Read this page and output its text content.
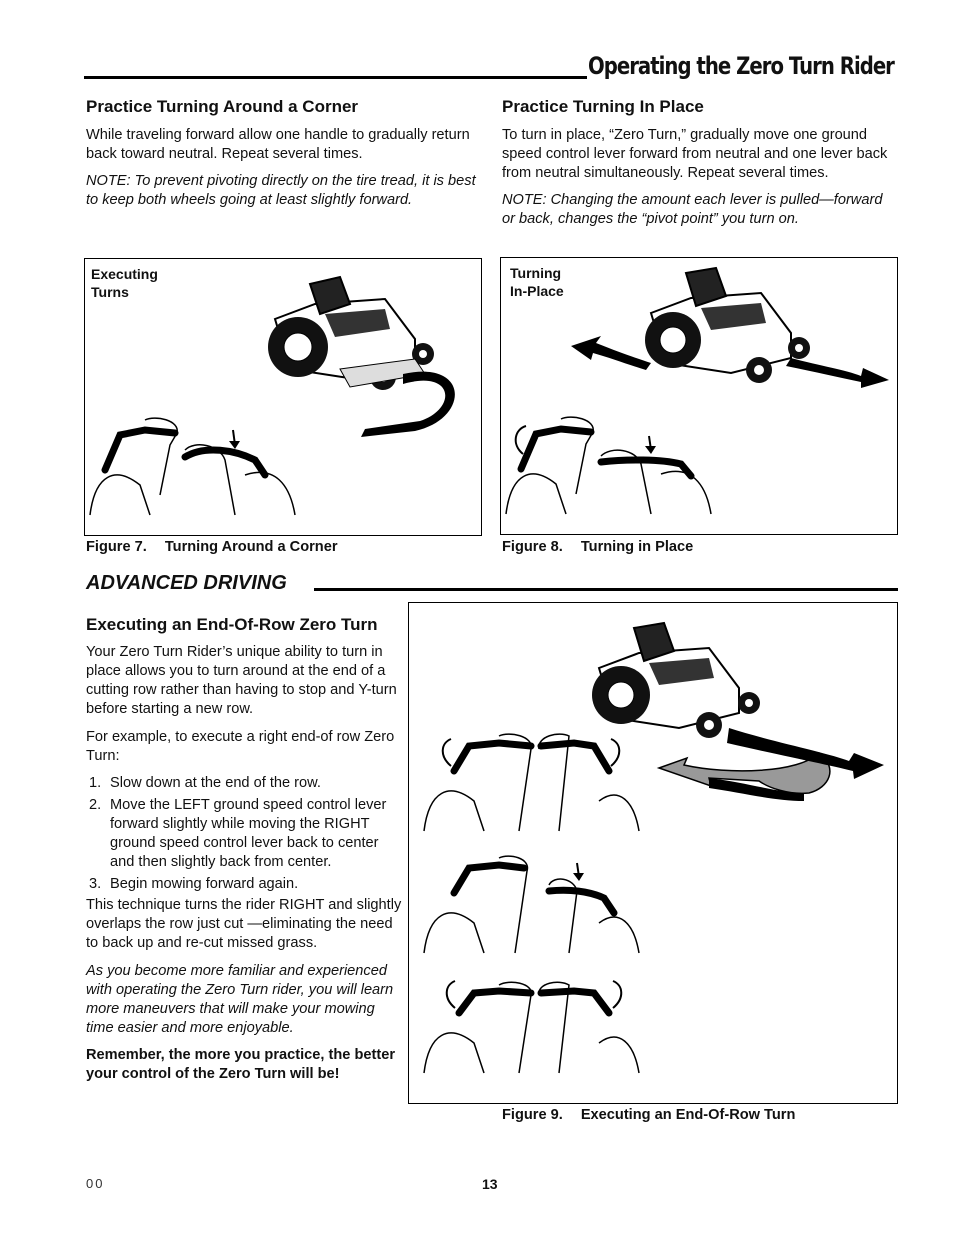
Operating the Zero Turn Rider
Practice Turning Around a Corner

While traveling forward allow one handle to gradually return back toward neutral. Repeat several times.

NOTE: To prevent pivoting directly on the tire tread, it is best to keep both wheels going at least slightly forward.

Practice Turning In Place

To turn in place, “Zero Turn,” gradually move one ground speed control lever forward from neutral and one lever back from neutral simultaneously. Repeat several times.

NOTE: Changing the amount each lever is pulled—forward or back, changes the “pivot point” you turn on.

Executing
Turns
Figure 7. Turning Around a Corner
Turning
In-Place
Figure 8. Turning in Place
ADVANCED DRIVING
Executing an End-Of-Row Zero Turn

Your Zero Turn Rider’s unique ability to turn in place allows you to turn around at the end of a cutting row rather than having to stop and Y-turn before starting a new row.

For example, to execute a right end-of row Zero Turn:

1. Slow down at the end of the row.
2. Move the LEFT ground speed control lever forward slightly while moving the RIGHT ground speed control lever back to center and then slightly back from center.
3. Begin mowing forward again.

This technique turns the rider RIGHT and slightly overlaps the row just cut —eliminating the need to back up and re-cut missed grass.

As you become more familiar and experienced with operating the Zero Turn rider, you will learn more maneuvers that will make your mowing time easier and more enjoyable.

Remember, the more you practice, the better your control of the Zero Turn will be!

Figure 9. Executing an End-Of-Row Turn
00	13
